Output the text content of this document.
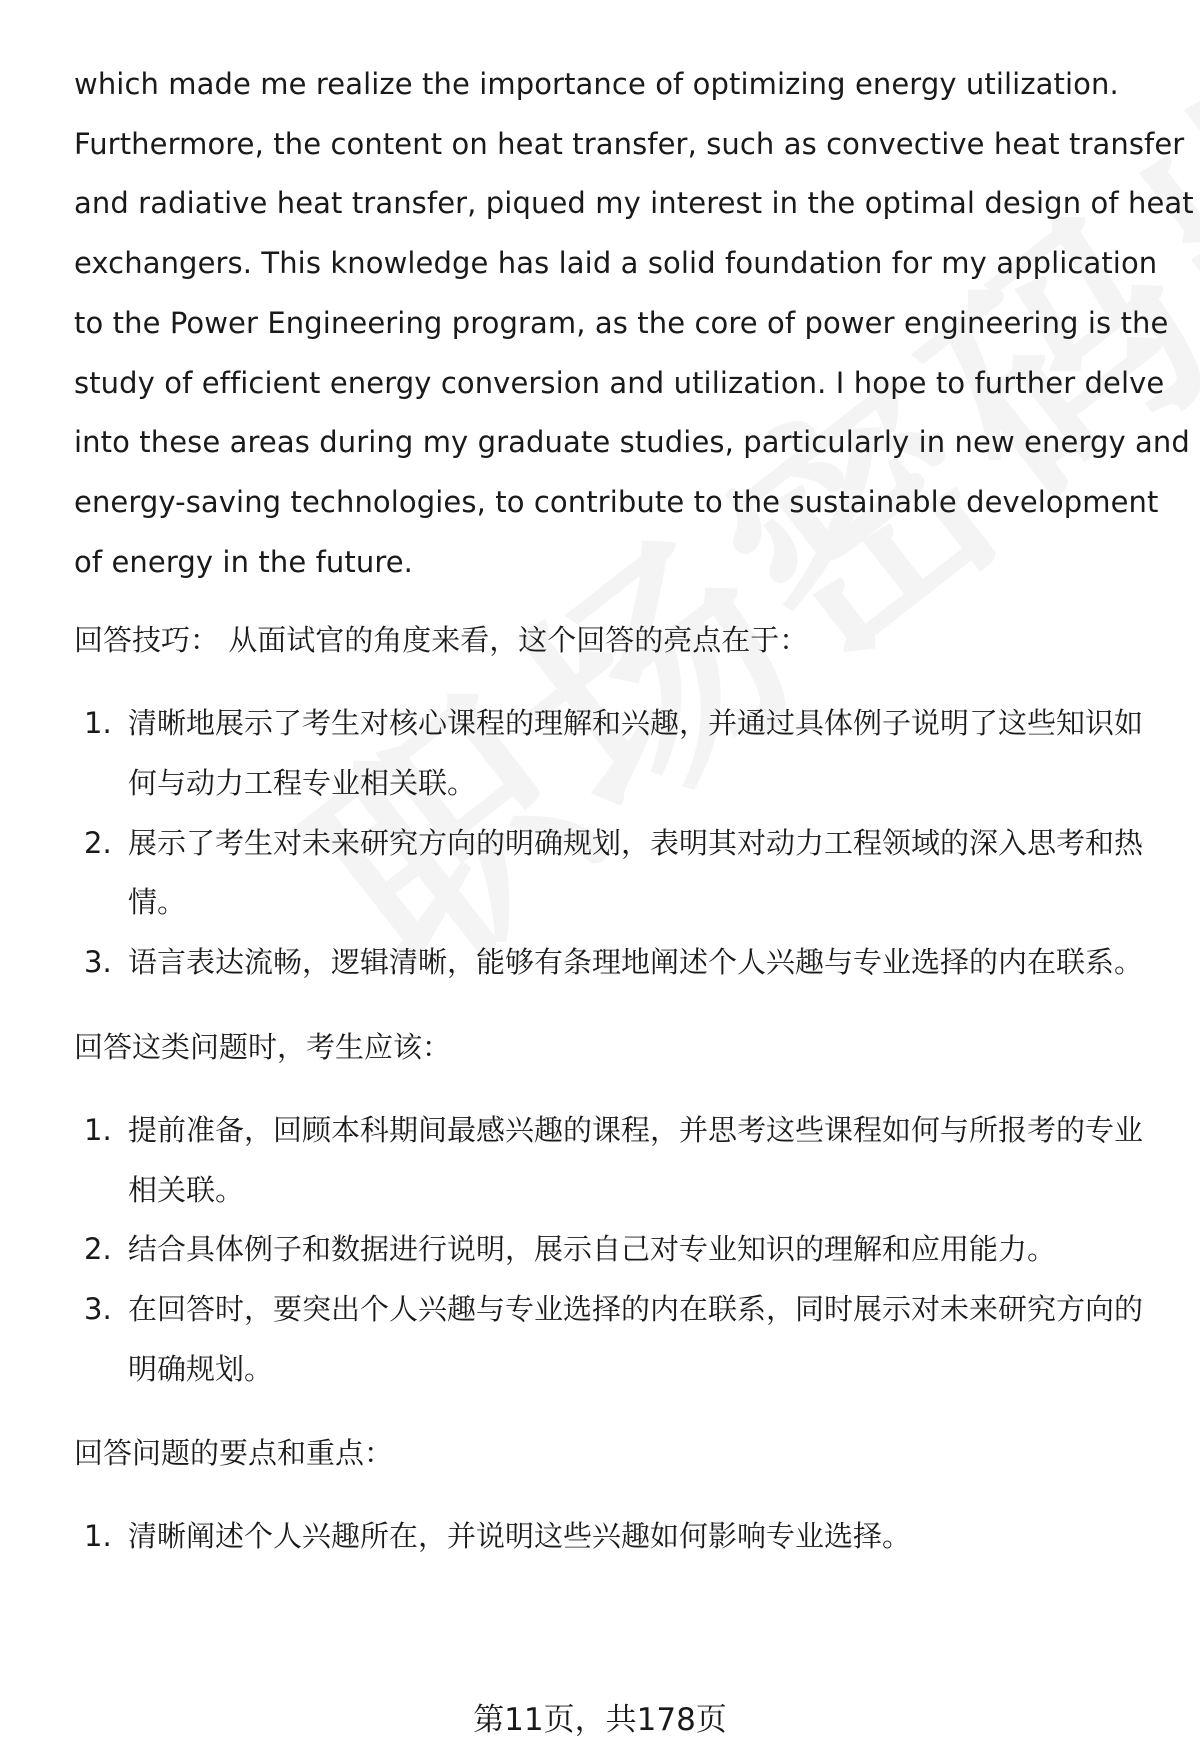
which made me realize the importance of optimizing energy utilization.
Furthermore, the content on heat transfer, such as convective heat transfer
and radiative heat transfer, piqued my interest in the optimal design of heat
exchangers. This knowledge has laid a solid foundation for my application
to the Power Engineering program, as the core of power engineering is the
study of efficient energy conversion and utilization. I hope to further delve
into these areas during my graduate studies, particularly in new energy and
energy-saving technologies, to contribute to the sustainable development
of energy in the future.

回答技巧： 从面试官的角度来看，这个回答的亮点在于：

1. 清晰地展示了考生对核心课程的理解和兴趣，并通过具体例子说明了这些知识如何与动力工程专业相关联。
2. 展示了考生对未来研究方向的明确规划，表明其对动力工程领域的深入思考和热情。
3. 语言表达流畅，逻辑清晰，能够有条理地阐述个人兴趣与专业选择的内在联系。

回答这类问题时，考生应该：

1. 提前准备，回顾本科期间最感兴趣的课程，并思考这些课程如何与所报考的专业相关联。
2. 结合具体例子和数据进行说明，展示自己对专业知识的理解和应用能力。
3. 在回答时，要突出个人兴趣与专业选择的内在联系，同时展示对未来研究方向的明确规划。

回答问题的要点和重点：

1. 清晰阐述个人兴趣所在，并说明这些兴趣如何影响专业选择。
第11页，共178页
